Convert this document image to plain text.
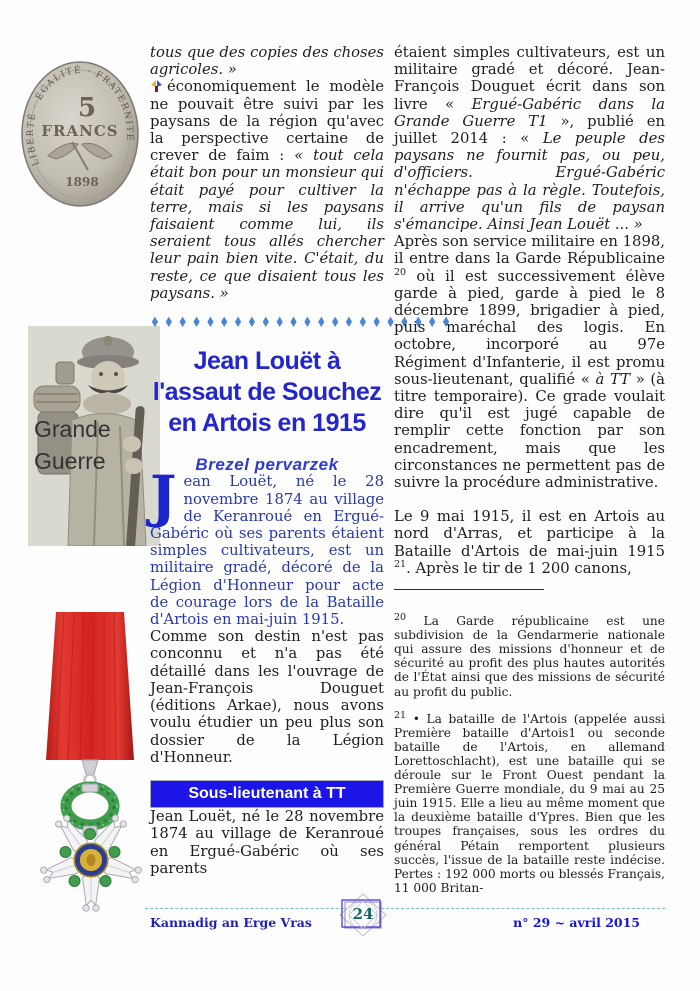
LIBERTÉ · ÉGALITÉ · FRATERNITÉ
5
FRANCS
1898
Grande
Guerre

tous que des copies des choses agricoles. »

économiquement le modèle ne pouvait être suivi par les paysans de la région qu'avec la perspective certaine de crever de faim : « tout cela était bon pour un monsieur qui était payé pour cultiver la terre, mais si les paysans faisaient comme lui, ils seraient tous allés chercher leur pain bien vite. C'était, du reste, ce que disaient tous les paysans. »

♦♦♦♦♦♦♦♦♦♦♦♦♦♦♦♦♦♦♦♦♦♦
Jean Louët à
l'assaut de Souchez
en Artois en 1915
Brezel pervarzek

Jean Louët, né le 28 novembre 1874 au village de Keranroué en Ergué-Gabéric où ses parents étaient simples cultivateurs, est un militaire gradé, décoré de la Légion d'Honneur pour acte de courage lors de la Bataille d'Artois en mai-juin 1915.

Comme son destin n'est pas conconnu et n'a pas été détaillé dans les l'ouvrage de Jean-François Douguet (éditions Arkae), nous avons voulu étudier un peu plus son dossier de la Légion d'Honneur.

Sous-lieutenant à TT

Jean Louët, né le 28 novembre 1874 au village de Keranroué en Ergué-Gabéric où ses parents

étaient simples cultivateurs, est un militaire gradé et décoré. Jean-François Douguet écrit dans son livre « Ergué-Gabéric dans la Grande Guerre T1 », publié en juillet 2014 : « Le peuple des paysans ne fournit pas, ou peu, d'officiers. Ergué-Gabéric n'échappe pas à la règle. Toutefois, il arrive qu'un fils de paysan s'émancipe. Ainsi Jean Louët ... »

Après son service militaire en 1898, il entre dans la Garde Républicaine $^{20}$ où il est successivement élève garde à pied, garde à pied le 8 décembre 1899, brigadier à pied, puis maréchal des logis. En octobre, incorporé au 97e Régiment d'Infanterie, il est promu sous-lieutenant, qualifié « à TT » (à titre temporaire). Ce grade voulait dire qu'il est jugé capable de remplir cette fonction par son encadrement, mais que les circonstances ne permettent pas de suivre la procédure administrative.

Le 9 mai 1915, il est en Artois au nord d'Arras, et participe à la Bataille d'Artois de mai-juin 1915 $^{21}$. Après le tir de 1 200 canons,

$^{20}$ La Garde républicaine est une subdivision de la Gendarmerie nationale qui assure des missions d'honneur et de sécurité au profit des plus hautes autorités de l'État ainsi que des missions de sécurité au profit du public.

$^{21}$ • La bataille de l'Artois (appelée aussi Première bataille d'Artois1 ou seconde bataille de l'Artois, en allemand Lorettoschlacht), est une bataille qui se déroule sur le Front Ouest pendant la Première Guerre mondiale, du 9 mai au 25 juin 1915. Elle a lieu au même moment que la deuxième bataille d'Ypres. Bien que les troupes françaises, sous les ordres du général Pétain remportent plusieurs succès, l'issue de la bataille reste indécise. Pertes : 192 000 morts ou blessés Français, 11 000 Britan-

Kannadig an Erge Vras	24	n° 29 ~ avril 2015
